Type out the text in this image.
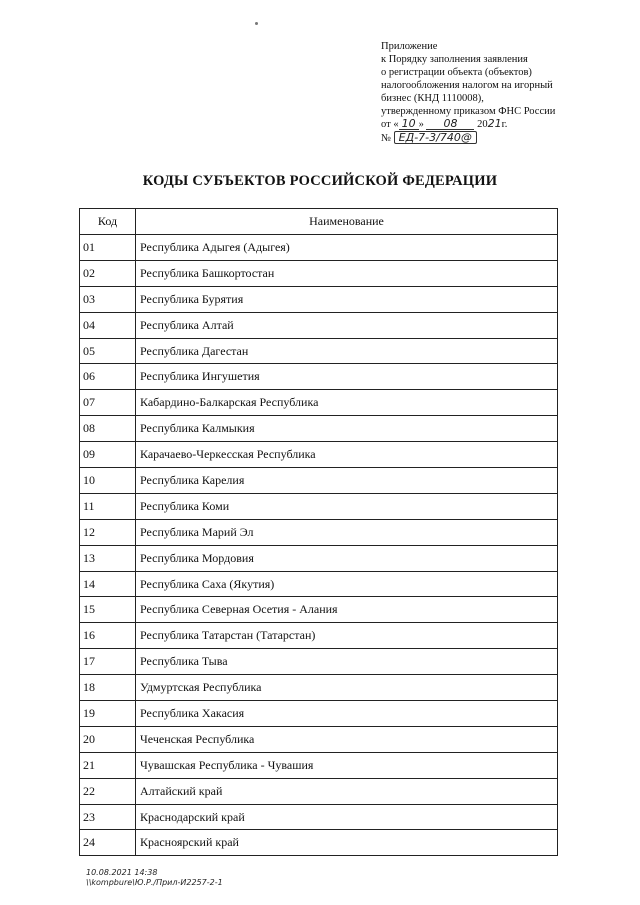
Приложение
к Порядку заполнения заявления
о регистрации объекта (объектов)
налогообложения налогом на игорный
бизнес (КНД 1110008),
утвержденному приказом ФНС России
от « 10 » 08 2021г.
№ ЕД-7-3/740@
КОДЫ СУБЪЕКТОВ РОССИЙСКОЙ ФЕДЕРАЦИИ
Код	Наименование
01	Республика Адыгея (Адыгея)
02	Республика Башкортостан
03	Республика Бурятия
04	Республика Алтай
05	Республика Дагестан
06	Республика Ингушетия
07	Кабардино-Балкарская Республика
08	Республика Калмыкия
09	Карачаево-Черкесская Республика
10	Республика Карелия
11	Республика Коми
12	Республика Марий Эл
13	Республика Мордовия
14	Республика Саха (Якутия)
15	Республика Северная Осетия - Алания
16	Республика Татарстан (Татарстан)
17	Республика Тыва
18	Удмуртская Республика
19	Республика Хакасия
20	Чеченская Республика
21	Чувашская Республика - Чувашия
22	Алтайский край
23	Краснодарский край
24	Красноярский край
10.08.2021 14:38
\\kompbure\Ю.Р./Прил-И2257-2-1
